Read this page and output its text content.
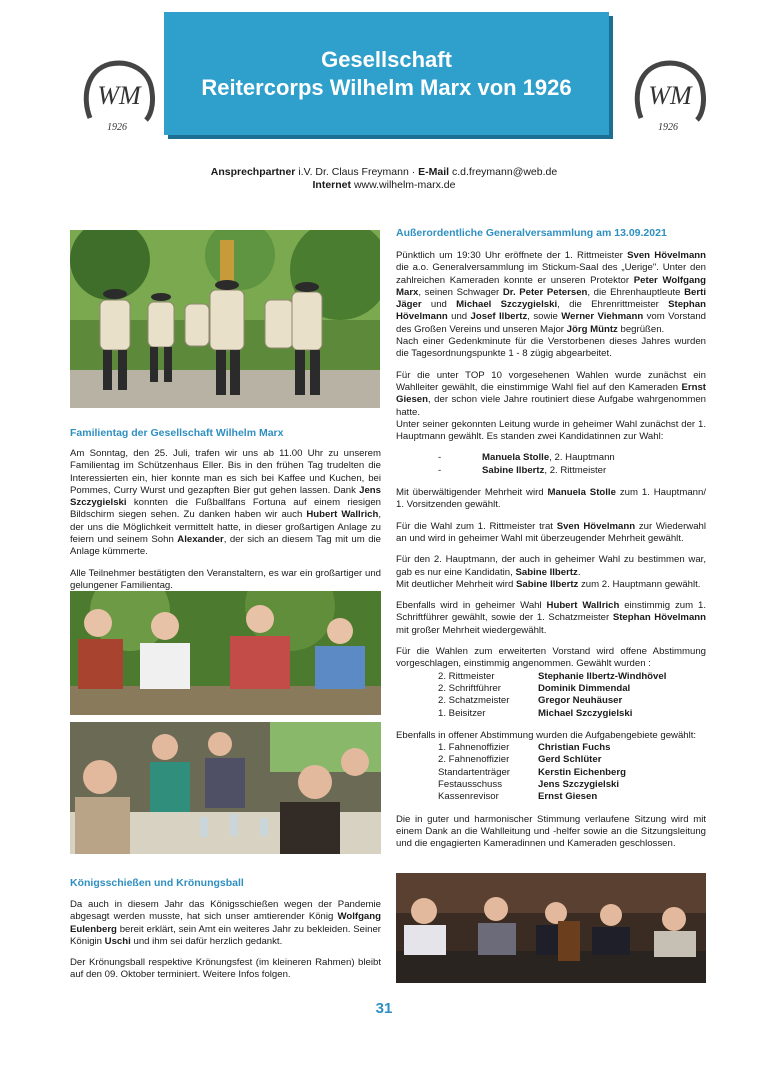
Gesellschaft
Reitercorps Wilhelm Marx von 1926
WM
1926
WM
1926
Ansprechpartner i.V. Dr. Claus Freymann · E-Mail c.d.freymann@web.de
Internet www.wilhelm-marx.de
Familientag der Gesellschaft Wilhelm Marx

Am Sonntag, den 25. Juli, trafen wir uns ab 11.00 Uhr zu unserem Familientag im Schützenhaus Eller. Bis in den frühen Tag trudelten die Interessierten ein, hier konnte man es sich bei Kaffee und Kuchen, bei Pommes, Curry Wurst und gezapften Bier gut gehen lassen. Dank Jens Szczygielski konnten die Fußballfans Fortuna auf einem riesigen Bildschirm siegen sehen. Zu danken haben wir auch Hubert Wallrich, der uns die Möglichkeit vermittelt hatte, in dieser großartigen Anlage zu feiern und seinem Sohn Alexander, der sich an diesem Tag mit um die Anlage kümmerte.

Alle Teilnehmer bestätigten den Veranstaltern, es war ein großartiger und gelungener Familientag.

Königsschießen und Krönungsball

Da auch in diesem Jahr das Königsschießen wegen der Pandemie abgesagt werden musste, hat sich unser amtierender König Wolfgang Eulenberg bereit erklärt, sein Amt ein weiteres Jahr zu bekleiden. Seiner Königin Uschi und ihm sei dafür herzlich gedankt.

Der Krönungsball respektive Krönungsfest (im kleineren Rahmen) bleibt auf den 09. Oktober terminiert. Weitere Infos folgen.

Außerordentliche Generalversammlung am 13.09.2021

Pünktlich um 19:30 Uhr eröffnete der 1. Rittmeister Sven Hövelmann die a.o. Generalversammlung im Stickum-Saal des „Uerige". Unter den zahlreichen Kameraden konnte er unseren Protektor Peter Wolfgang Marx, seinen Schwager Dr. Peter Petersen, die Ehrenhauptleute Berti Jäger und Michael Szczygielski, die Ehrenrittmeister Stephan Hövelmann und Josef Ilbertz, sowie Werner Viehmann vom Vorstand des Großen Vereins und unseren Major Jörg Müntz begrüßen.

Nach einer Gedenkminute für die Verstorbenen dieses Jahres wurden die Tagesordnungspunkte 1 - 8 zügig abgearbeitet.

Für die unter TOP 10 vorgesehenen Wahlen wurde zunächst ein Wahlleiter gewählt, die einstimmige Wahl fiel auf den Kameraden Ernst Giesen, der schon viele Jahre routiniert diese Aufgabe wahrgenommen hatte.

Unter seiner gekonnten Leitung wurde in geheimer Wahl zunächst der 1. Hauptmann gewählt. Es standen zwei Kandidatinnen zur Wahl:

-	Manuela Stolle, 2. Hauptmann
-	Sabine Ilbertz, 2. Rittmeister

Mit überwältigender Mehrheit wird Manuela Stolle zum 1. Hauptmann/ 1. Vorsitzenden gewählt.

Für die Wahl zum 1. Rittmeister trat Sven Hövelmann zur Wiederwahl an und wird in geheimer Wahl mit überzeugender Mehrheit gewählt.

Für den 2. Hauptmann, der auch in geheimer Wahl zu bestimmen war, gab es nur eine Kandidatin, Sabine Ilbertz.

Mit deutlicher Mehrheit wird Sabine Ilbertz zum 2. Hauptmann gewählt.

Ebenfalls wird in geheimer Wahl Hubert Wallrich einstimmig zum 1. Schriftführer gewählt, sowie der 1. Schatzmeister Stephan Hövelmann mit großer Mehrheit wiedergewählt.

Für die Wahlen zum erweiterten Vorstand wird offene Abstimmung vorgeschlagen, einstimmig angenommen. Gewählt wurden :

2. Rittmeister	Stephanie Ilbertz-Windhövel
2. Schriftführer	Dominik Dimmendal
2. Schatzmeister	Gregor Neuhäuser
1. Beisitzer	Michael Szczygielski

Ebenfalls in offener Abstimmung wurden die Aufgabengebiete gewählt:

1. Fahnenoffizier	Christian Fuchs
2. Fahnenoffizier	Gerd Schlüter
Standartenträger	Kerstin Eichenberg
Festausschuss	Jens Szczygielski
Kassenrevisor	Ernst Giesen

Die in guter und harmonischer Stimmung verlaufene Sitzung wird mit einem Dank an die Wahlleitung und -helfer sowie an die Sitzungsleitung und die engagierten Kameradinnen und Kameraden geschlossen.

31
